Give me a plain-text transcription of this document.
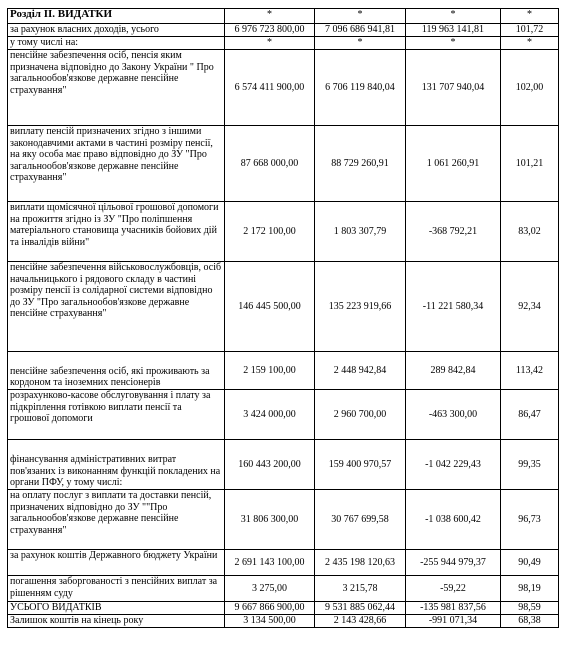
Розділ ІІ. ВИДАТКИ	*	*	*	*
за рахунок власних доходів, усього	6 976 723 800,00	7 096 686 941,81	119 963 141,81	101,72
у тому числі на:	*	*	*	*
пенсійне забезпечення осіб, пенсія яким призначена відповідно до Закону України " Про загальнообов'язкове державне пенсійне страхування"	6 574 411 900,00	6 706 119 840,04	131 707 940,04	102,00
виплату пенсій призначених згідно з іншими законодавчими актами в частині розміру пенсії, на яку особа має право відповідно до ЗУ "Про загальнообов'язкове державне пенсійне страхування"	87 668 000,00	88 729 260,91	1 061 260,91	101,21
виплати щомісячної цільової грошової допомоги на прожиття згідно із ЗУ "Про поліпшення матеріального становища учасників бойових дій та інвалідів війни"	2 172 100,00	1 803 307,79	-368 792,21	83,02
пенсійне забезпечення військовослужбовців, осіб начальницького і рядового складу в частині розміру пенсії із солідарної системи відповідно до ЗУ "Про загальнообов'язкове державне пенсійне страхування"	146 445 500,00	135 223 919,66	-11 221 580,34	92,34
пенсійне забезпечення осіб, які проживають за кордоном та іноземних пенсіонерів	2 159 100,00	2 448 942,84	289 842,84	113,42
розрахунково-касове обслуговування і плату за підкріплення готівкою виплати пенсії та грошової допомоги	3 424 000,00	2 960 700,00	-463 300,00	86,47
фінансування адміністративних витрат пов'язаних із виконанням функцій покладених на органи ПФУ, у тому числі:	160 443 200,00	159 400 970,57	-1 042 229,43	99,35
на оплату послуг з виплати та доставки пенсій, призначених відповідно до ЗУ ""Про загальнообов'язкове державне пенсійне страхування"	31 806 300,00	30 767 699,58	-1 038 600,42	96,73
за рахунок коштів Державного бюджету України	2 691 143 100,00	2 435 198 120,63	-255 944 979,37	90,49
погашення заборгованості з пенсійних виплат за рішенням суду	3 275,00	3 215,78	-59,22	98,19
УСЬОГО ВИДАТКІВ	9 667 866 900,00	9 531 885 062,44	-135 981 837,56	98,59
Залишок коштів на кінець року	3 134 500,00	2 143 428,66	-991 071,34	68,38
